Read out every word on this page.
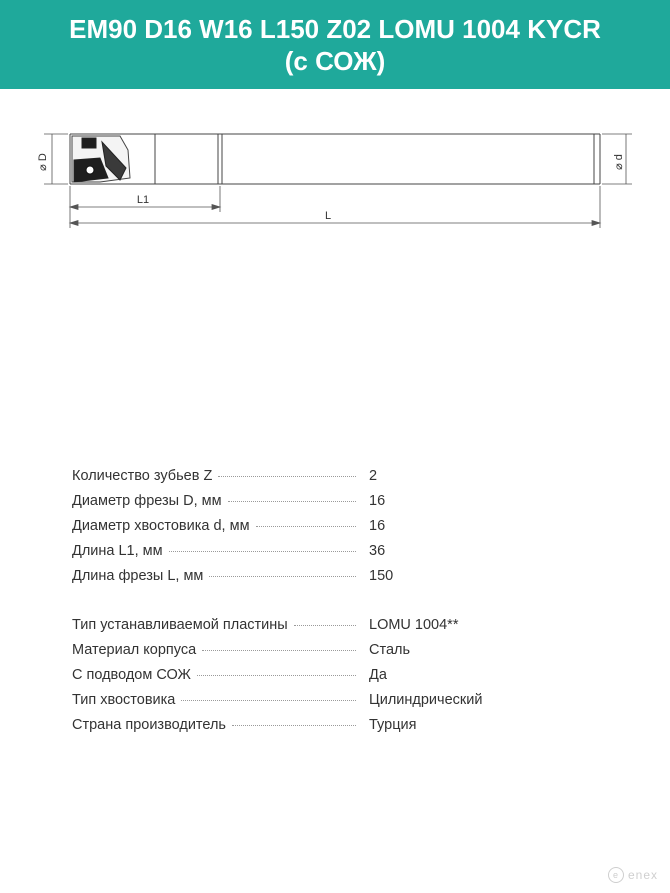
EM90 D16 W16 L150 Z02 LOMU 1004 KYCR
(с СОЖ)
⌀ D	⌀ d
L1
L
Количество зубьев Z	2
Диаметр фрезы D, мм	16
Диаметр хвостовика d, мм	16
Длина L1, мм	36
Длина фрезы L, мм	150
Тип устанавливаемой пластины	LOMU 1004**
Материал корпуса	Сталь
С подводом СОЖ	Да
Тип хвостовика	Цилиндрический
Страна производитель	Турция
e enex
